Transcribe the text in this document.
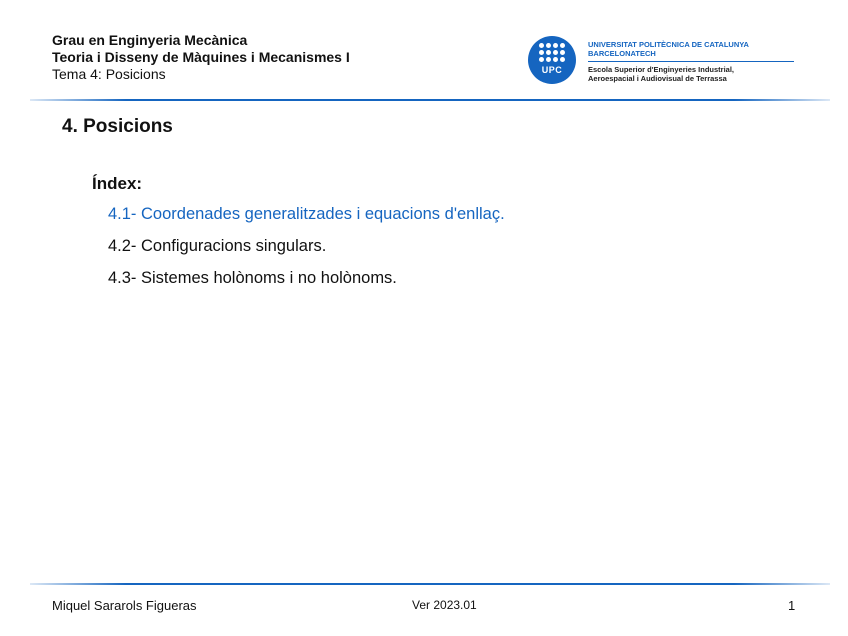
Grau en Enginyeria Mecànica
Teoria i Disseny de Màquines i Mecanismes I
Tema 4: Posicions	UPC
UNIVERSITAT POLITÈCNICA DE CATALUNYA
BARCELONATECH
Escola Superior d'Enginyeries Industrial,
Aeroespacial i Audiovisual de Terrassa
4. Posicions
Índex:
4.1- Coordenades generalitzades i equacions d'enllaç.
4.2- Configuracions singulars.
4.3- Sistemes holònoms i no holònoms.
Miquel Sararols Figueras	Ver 2023.01	1
